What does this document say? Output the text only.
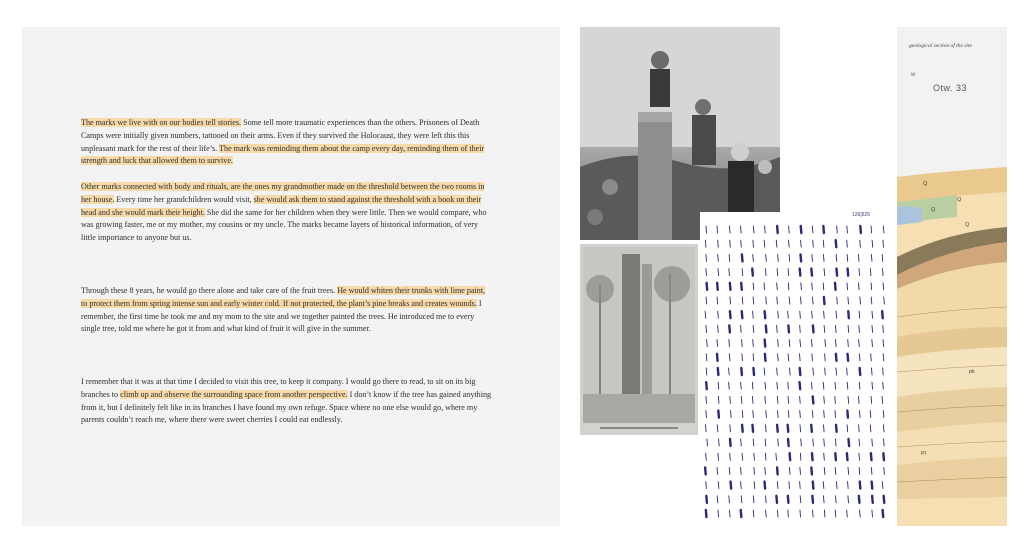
The marks we live with on our bodies tell stories. Some tell more traumatic experiences than the others. Prisoners of Death Camps were initially given numbers, tattooed on their arms. Even if they survived the Holocaust, they were left this this unpleasant mark for the rest of their life’s. The mark was reminding them about the camp every day, reminding them of their strength and luck that allowed them to survive.

Other marks connected with body and rituals, are the ones my grandmother made on the threshold between the two rooms in her house. Every time her grandchildren would visit, she would ask them to stand against the threshold with a book on their head and she would mark their height. She did the same for her children when they were little. Then we would compare, who was growing faster, me or my mother, my cousins or my uncle. The marks became layers of historical information, of very little importance to anyone but us.

Through these 8 years, he would go there alone and take care of the fruit trees. He would whiten their trunks with lime paint, to protect them from spring intense sun and early winter cold. If not protected, the plant’s pine breaks and creates wounds. I remember, the first time he took me and my mom to the site and we together painted the trees. He introduced me to every single tree, told me where he got it from and what kind of fruit it will give in the summer.

I remember that it was at that time I decided to visit this tree, to keep it company. I would go there to read, to sit on its big branches to climb up and observe the surrounding space from another perspective. I don’t know if the tree has gained anything from it, but I definitely felt like in its branches I have found my own refuge. Space where no one else would go, where my parents couldn’t reach me, where there were sweet cherries I could eat endlessly.

126|526
geological section of the site
w
Otw. 33
Q
Q
Q
Q
pk
Pl
